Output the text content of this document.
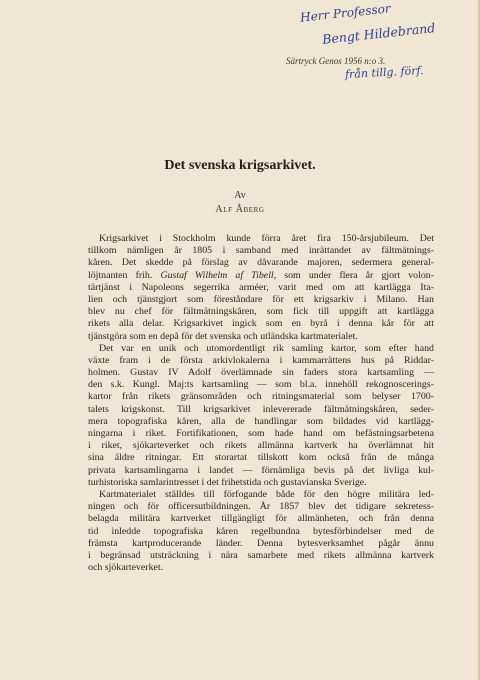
Herr Professor
Bengt Hildebrand
Särtryck Genos 1956 n:o 3.
från tillg. förf.
Det svenska krigsarkivet.
Av
Alf Åberg
Krigsarkivet i Stockholm kunde förra året fira 150-årsjubileum. Det
tillkom nämligen år 1805 i samband med inrättandet av fältmätnings-
kåren. Det skedde på förslag av dåvarande majoren, sedermera general-
löjtnanten frih. Gustaf Wilhelm af Tibell, som under flera år gjort volon-
tärtjänst i Napoleons segerrika arméer, varit med om att kartlägga Ita-
lien och tjänstgjort som föreståndare för ett krigsarkiv i Milano. Han
blev nu chef för fältmätningskåren, som fick till uppgift att kartlägga
rikets alla delar. Krigsarkivet ingick som en byrå i denna kår för att
tjänstgöra som en depå för det svenska och utländska kartmaterialet.
Det var en unik och utomordentligt rik samling kartor, som efter hand
växte fram i de första arkivlokalerna i kammarrättens hus på Riddar-
holmen. Gustav IV Adolf överlämnade sin faders stora kartsamling —
den s.k. Kungl. Maj:ts kartsamling — som bl.a. innehöll rekognoscerings-
kartor från rikets gränsområden och ritningsmaterial som belyser 1700-
talets krigskonst. Till krigsarkivet inlevererade fältmätningskåren, seder-
mera topografiska kåren, alla de handlingar som bildades vid kartlägg-
ningarna i riket. Fortifikationen, som hade hand om befästningsarbetena
i riket, sjökarteverket och rikets allmänna kartverk ha överlämnat hit
sina äldre ritningar. Ett storartat tillskott kom också från de många
privata kartsamlingarna i landet — förnämliga bevis på det livliga kul-
turhistoriska samlarintresset i det frihetstida och gustavianska Sverige.
Kartmaterialet ställdes till förfogande både för den högre militära led-
ningen och för officersutbildningen. År 1857 blev det tidigare sekretess-
belagda militära kartverket tillgängligt för allmänheten, och från denna
tid inledde topografiska kåren regelbundna bytesförbindelser med de
främsta kartproducerande länder. Denna bytesverksamhet pågår ännu
i begränsad utsträckning i nära samarbete med rikets allmänna kartverk
och sjökarteverket.
